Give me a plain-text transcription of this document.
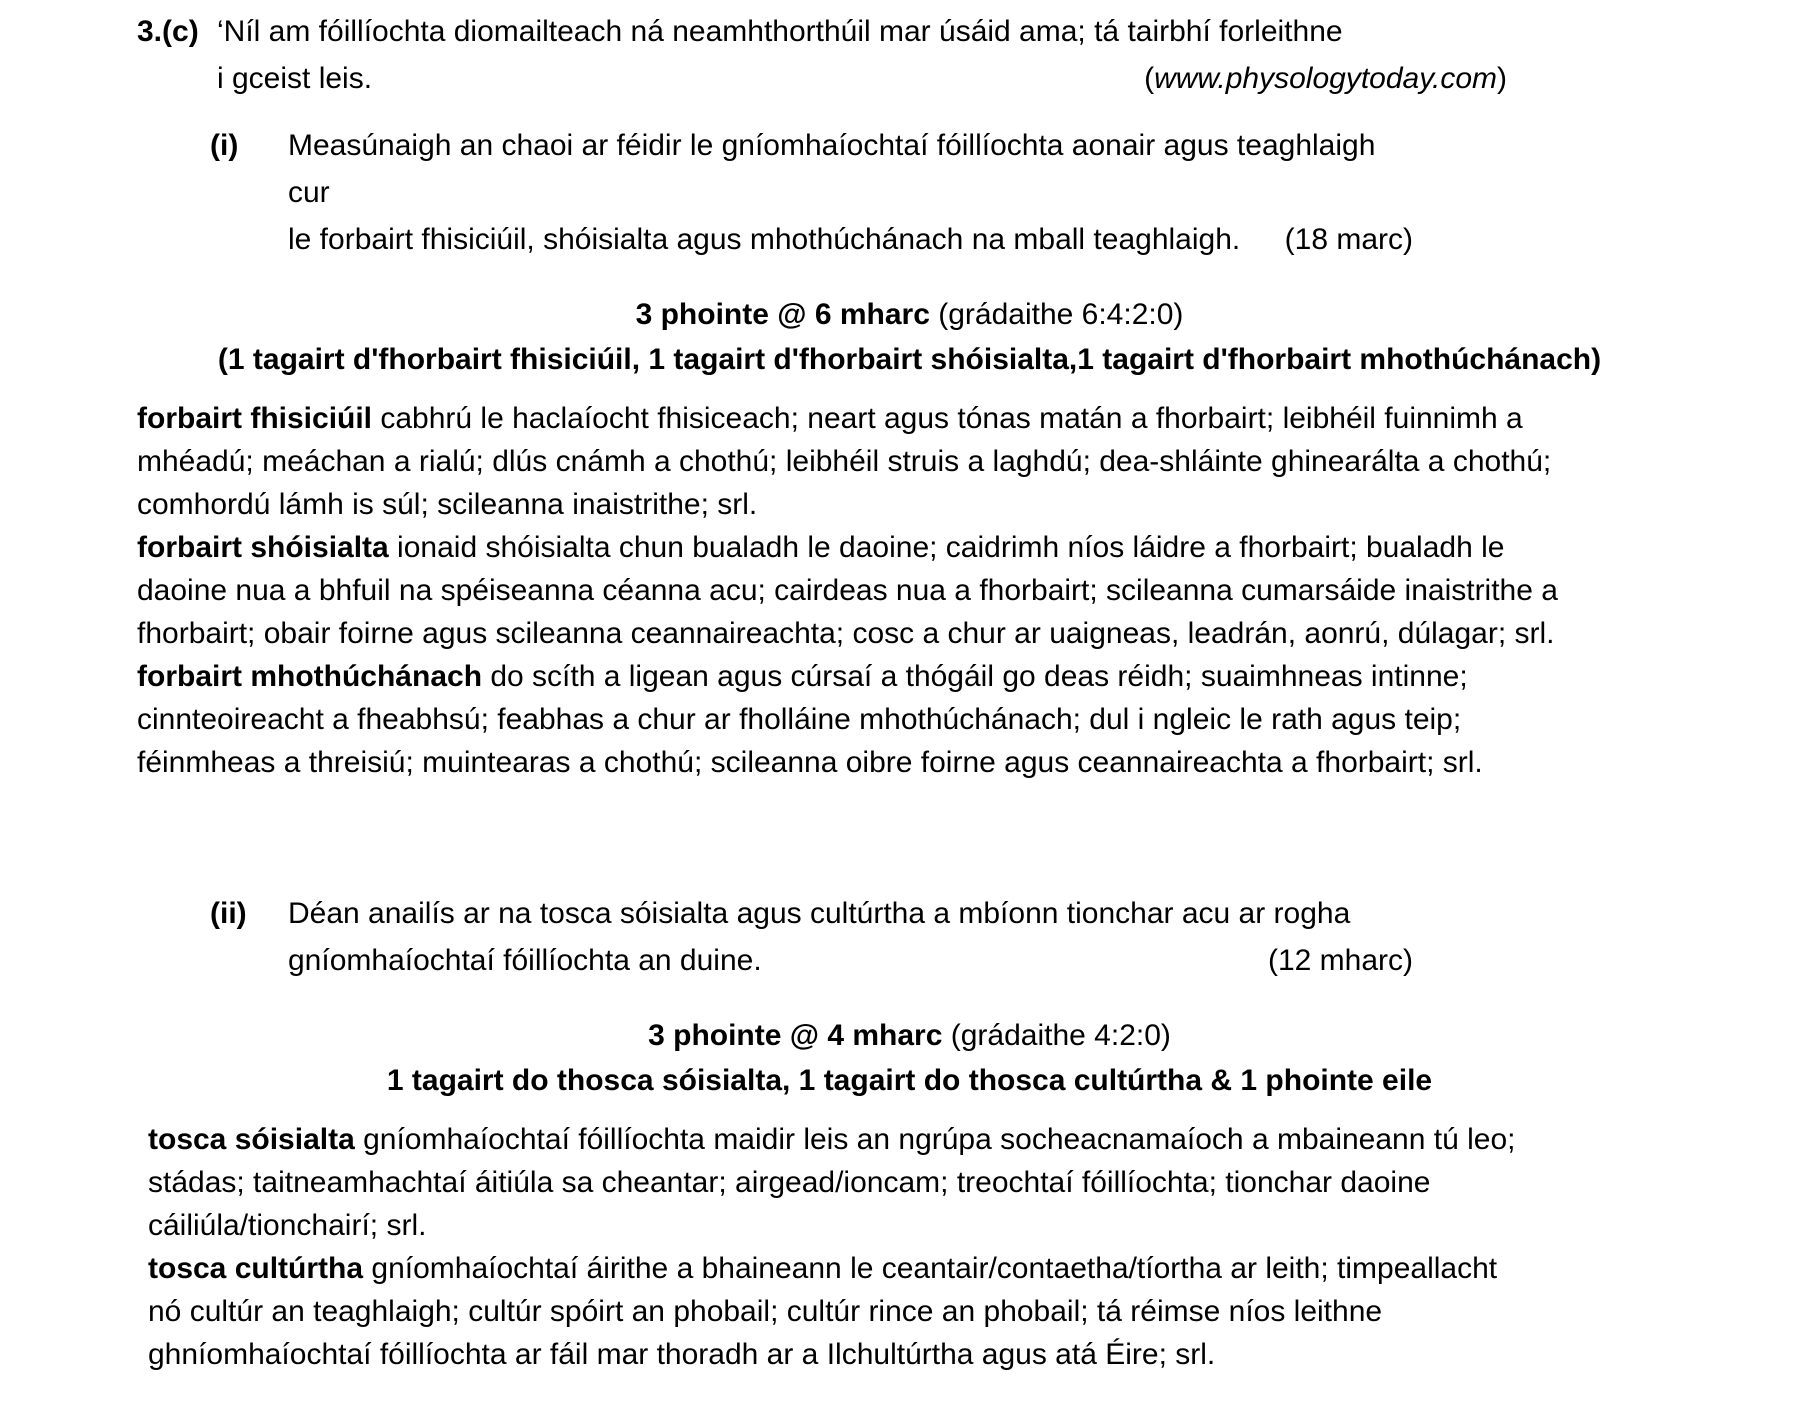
3.(c) ‘Níl am fóillíochta diomailteach ná neamhthorthúil mar úsáid ama; tá tairbhí forleithne
i gceist leis.	(www.physologytoday.com)
(i)	Measúnaigh an chaoi ar féidir le gníomhaíochtaí fóillíochta aonair agus teaghlaigh cur
le forbairt fhisiciúil, shóisialta agus mhothúchánach na mball teaghlaigh. (18 marc)
3 phointe @ 6 mharc (grádaithe 6:4:2:0)
(1 tagairt d'fhorbairt fhisiciúil, 1 tagairt d'fhorbairt shóisialta,1 tagairt d'fhorbairt mhothúchánach)

forbairt fhisiciúil cabhrú le haclaíocht fhisiceach; neart agus tónas matán a fhorbairt; leibhéil fuinnimh a mhéadú; meáchan a rialú; dlús cnámh a chothú; leibhéil struis a laghdú; dea-shláinte ghinearálta a chothú; comhordú lámh is súl; scileanna inaistrithe; srl.

forbairt shóisialta ionaid shóisialta chun bualadh le daoine; caidrimh níos láidre a fhorbairt; bualadh le daoine nua a bhfuil na spéiseanna céanna acu; cairdeas nua a fhorbairt; scileanna cumarsáide inaistrithe a fhorbairt; obair foirne agus scileanna ceannaireachta; cosc a chur ar uaigneas, leadrán, aonrú, dúlagar; srl.

forbairt mhothúchánach do scíth a ligean agus cúrsaí a thógáil go deas réidh; suaimhneas intinne; cinnteoireacht a fheabhsú; feabhas a chur ar fholláine mhothúchánach; dul i ngleic le rath agus teip; féinmheas a threisiú; muintearas a chothú; scileanna oibre foirne agus ceannaireachta a fhorbairt; srl.

(ii)	Déan anailís ar na tosca sóisialta agus cultúrtha a mbíonn tionchar acu ar rogha
gníomhaíochtaí fóillíochta an duine.	(12 mharc)
3 phointe @ 4 mharc (grádaithe 4:2:0)
1 tagairt do thosca sóisialta, 1 tagairt do thosca cultúrtha & 1 phointe eile

tosca sóisialta gníomhaíochtaí fóillíochta maidir leis an ngrúpa socheacnamaíoch a mbaineann tú leo; stádas; taitneamhachtaí áitiúla sa cheantar; airgead/ioncam; treochtaí fóillíochta; tionchar daoine cáiliúla/tionchairí; srl.

tosca cultúrtha gníomhaíochtaí áirithe a bhaineann le ceantair/contaetha/tíortha ar leith; timpeallacht nó cultúr an teaghlaigh; cultúr spóirt an phobail; cultúr rince an phobail; tá réimse níos leithne ghníomhaíochtaí fóillíochta ar fáil mar thoradh ar a Ilchultúrtha agus atá Éire; srl.
